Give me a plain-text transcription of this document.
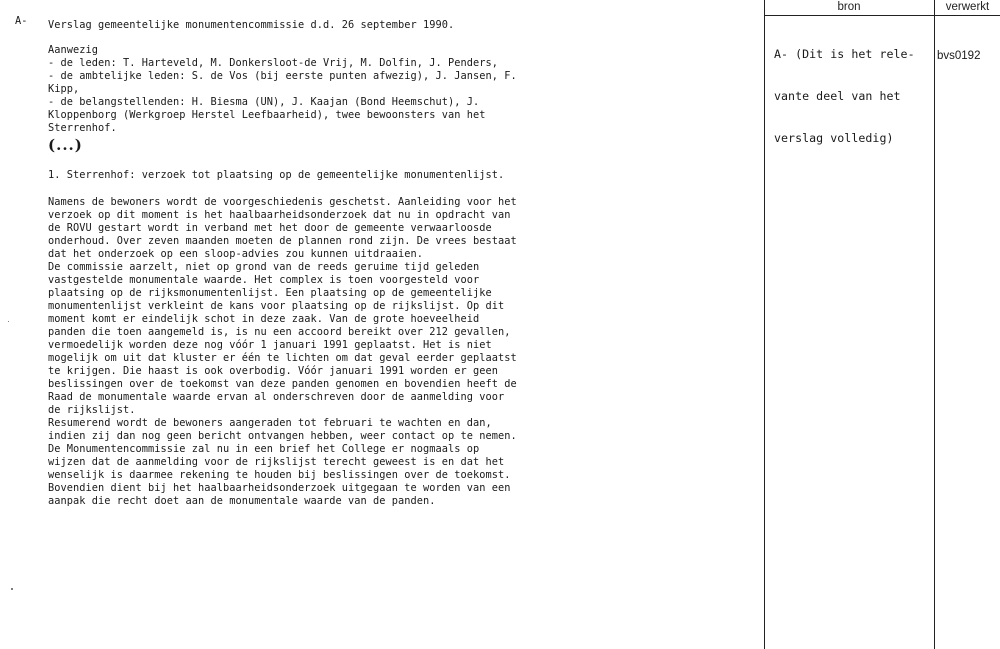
A- Verslag gemeentelijke monumentencommissie d.d. 26 september 1990.
Aanwezig
- de leden: T. Harteveld, M. Donkersloot-de Vrij, M. Dolfin, J. Penders,
- de ambtelijke leden: S. de Vos (bij eerste punten afwezig), J. Jansen, F.
Kipp,
- de belangstellenden: H. Biesma (UN), J. Kaajan (Bond Heemschut), J.
Kloppenborg (Werkgroep Herstel Leefbaarheid), twee bewoonsters van het
Sterrenhof.
(...)
1. Sterrenhof: verzoek tot plaatsing op de gemeentelijke monumentenlijst.
Namens de bewoners wordt de voorgeschiedenis geschetst. Aanleiding voor het
verzoek op dit moment is het haalbaarheidsonderzoek dat nu in opdracht van
de ROVU gestart wordt in verband met het door de gemeente verwaarloosde
onderhoud. Over zeven maanden moeten de plannen rond zijn. De vrees bestaat
dat het onderzoek op een sloop-advies zou kunnen uitdraaien.
De commissie aarzelt, niet op grond van de reeds geruime tijd geleden
vastgestelde monumentale waarde. Het complex is toen voorgesteld voor
plaatsing op de rijksmonumentenlijst. Een plaatsing op de gemeentelijke
monumentenlijst verkleint de kans voor plaatsing op de rijkslijst. Op dit
moment komt er eindelijk schot in deze zaak. Van de grote hoeveelheid
panden die toen aangemeld is, is nu een accoord bereikt over 212 gevallen,
vermoedelijk worden deze nog vóór 1 januari 1991 geplaatst. Het is niet
mogelijk om uit dat kluster er één te lichten om dat geval eerder geplaatst
te krijgen. Die haast is ook overbodig. Vóór januari 1991 worden er geen
beslissingen over de toekomst van deze panden genomen en bovendien heeft de
Raad de monumentale waarde ervan al onderschreven door de aanmelding voor
de rijkslijst.
Resumerend wordt de bewoners aangeraden tot februari te wachten en dan,
indien zij dan nog geen bericht ontvangen hebben, weer contact op te nemen.
De Monumentencommissie zal nu in een brief het College er nogmaals op
wijzen dat de aanmelding voor de rijkslijst terecht geweest is en dat het
wenselijk is daarmee rekening te houden bij beslissingen over de toekomst.
Bovendien dient bij het haalbaarheidsonderzoek uitgegaan te worden van een
aanpak die recht doet aan de monumentale waarde van de panden.
bron	verwerkt

A- (Dit is het rele-

vante deel van het

verslag volledig)

bvs0192
